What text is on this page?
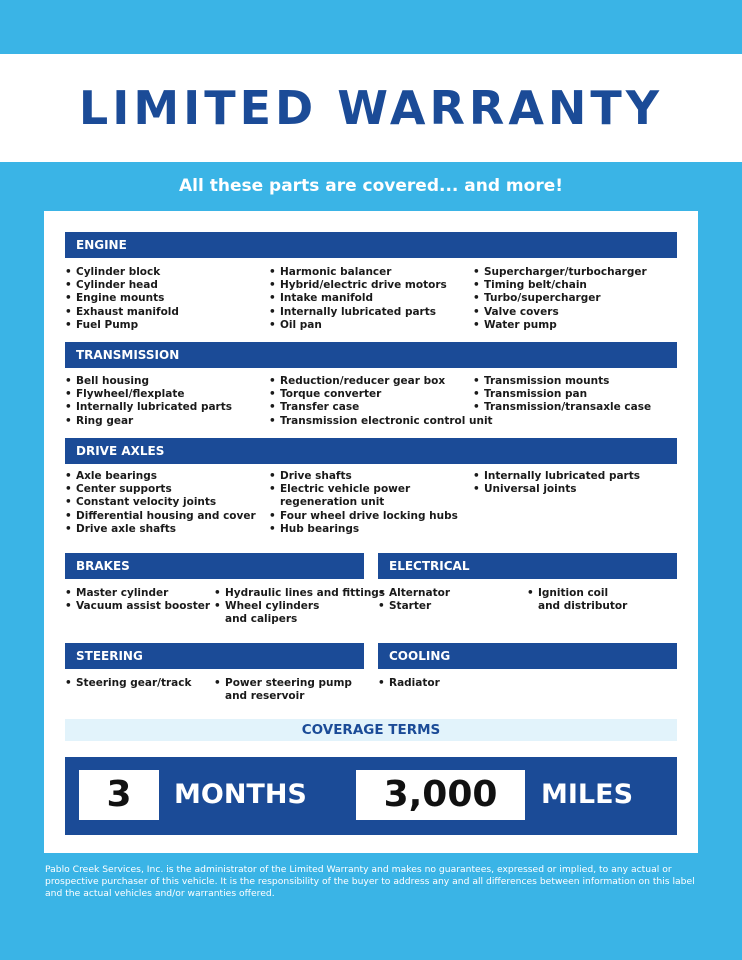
LIMITED WARRANTY
All these parts are covered... and more!
ENGINE
• Cylinder block
• Cylinder head
• Engine mounts
• Exhaust manifold
• Fuel Pump
• Harmonic balancer
• Hybrid/electric drive motors
• Intake manifold
• Internally lubricated parts
• Oil pan
• Supercharger/turbocharger
• Timing belt/chain
• Turbo/supercharger
• Valve covers
• Water pump
TRANSMISSION
• Bell housing
• Flywheel/flexplate
• Internally lubricated parts
• Ring gear
• Reduction/reducer gear box
• Torque converter
• Transfer case
• Transmission electronic control unit
• Transmission mounts
• Transmission pan
• Transmission/transaxle case
DRIVE AXLES
• Axle bearings
• Center supports
• Constant velocity joints
• Differential housing and cover
• Drive axle shafts
• Drive shafts
• Electric vehicle power
regeneration unit
• Four wheel drive locking hubs
• Hub bearings
• Internally lubricated parts
• Universal joints
BRAKES
• Master cylinder
• Vacuum assist booster
• Hydraulic lines and fittings
• Wheel cylinders
and calipers
ELECTRICAL
• Alternator
• Starter
• Ignition coil
and distributor
STEERING
• Steering gear/track
•	Power steering pump
and reservoir
COOLING
• Radiator
COVERAGE TERMS
3	MONTHS	3,000	MILES
Pablo Creek Services, Inc. is the administrator of the Limited Warranty and makes no guarantees, expressed or implied, to any actual or prospective purchaser of this vehicle. It is the responsibility of the buyer to address any and all differences between information on this label and the actual vehicles and/or warranties offered.
